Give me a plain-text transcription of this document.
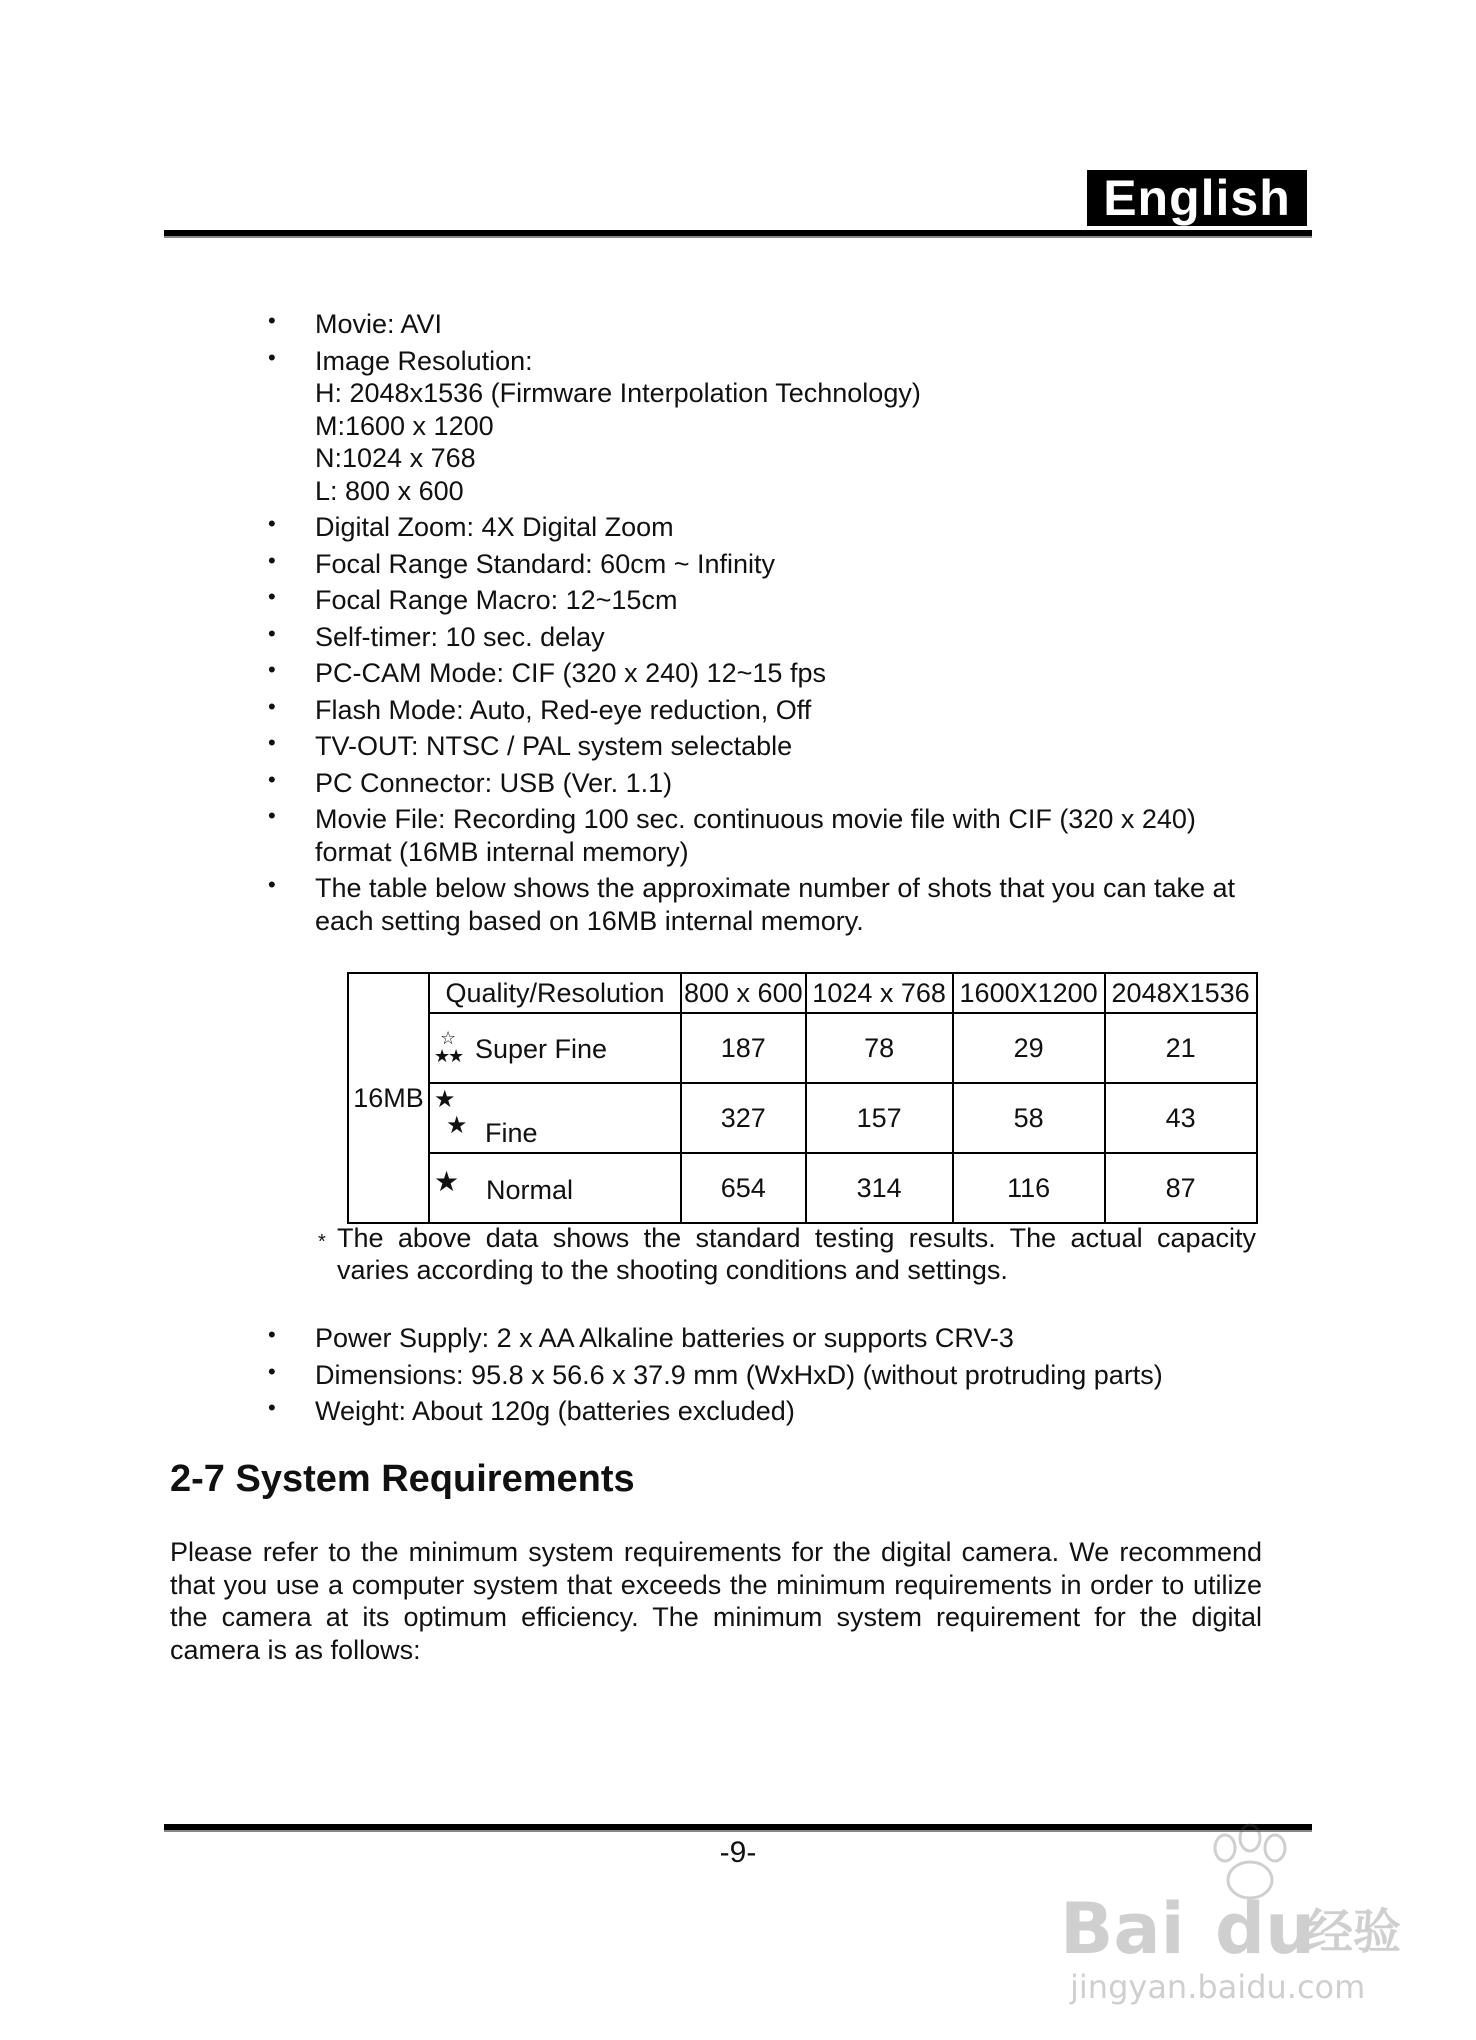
English
• Movie: AVI
• Image Resolution:
H: 2048x1536 (Firmware Interpolation Technology)
M:1600 x 1200
N:1024 x 768
L: 800 x 600
• Digital Zoom: 4X Digital Zoom
• Focal Range Standard: 60cm ~ Infinity
• Focal Range Macro: 12~15cm
• Self-timer: 10 sec. delay
• PC-CAM Mode: CIF (320 x 240) 12~15 fps
• Flash Mode: Auto, Red-eye reduction, Off
• TV-OUT: NTSC / PAL system selectable
• PC Connector: USB (Ver. 1.1)
• Movie File: Recording 100 sec. continuous movie file with CIF (320 x 240)
format (16MB internal memory)
• The table below shows the approximate number of shots that you can take at
each setting based on 16MB internal memory.
16MB	Quality/Resolution	800 x 600	1024 x 768	1600X1200	2048X1536

	☆
★
★ Super Fine	187	78	29	21

	★
★ Fine	327	157	58	43

	★ Normal	654	314	116	87
* The above data shows the standard testing results. The actual capacity varies according to the shooting conditions and settings.
• Power Supply: 2 x AA Alkaline batteries or supports CRV-3
• Dimensions: 95.8 x 56.6 x 37.9 mm (WxHxD) (without protruding parts)
• Weight: About 120g (batteries excluded)
2-7 System Requirements

Please refer to the minimum system requirements for the digital camera. We recommend that you use a computer system that exceeds the minimum requirements in order to utilize the camera at its optimum efficiency. The minimum system requirement for the digital camera is as follows:

-9-
Bai du
经验
jingyan.baidu.com
